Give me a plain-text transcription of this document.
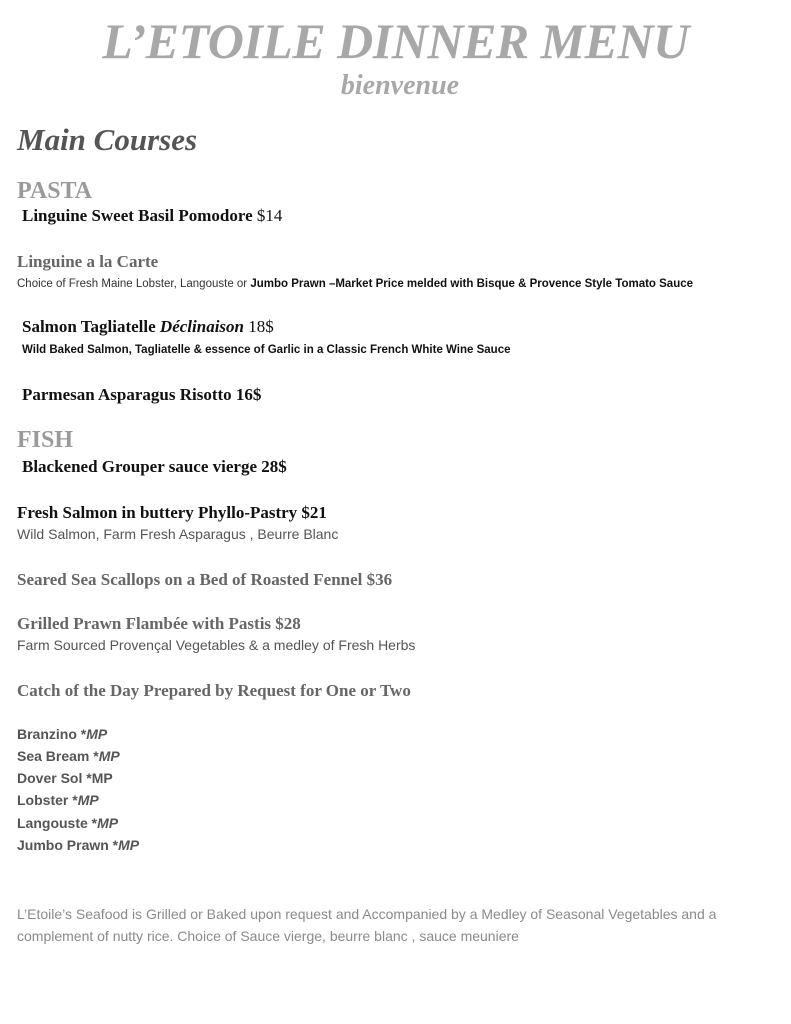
L’ETOILE DINNER MENU
bienvenue
Main Courses
PASTA
Linguine Sweet Basil Pomodore $14
Linguine a la Carte
Choice of Fresh Maine Lobster, Langouste or Jumbo Prawn –Market Price melded with Bisque & Provence Style Tomato Sauce
Salmon Tagliatelle Déclinaison 18$
Wild Baked Salmon, Tagliatelle & essence of Garlic in a Classic French White Wine Sauce
Parmesan Asparagus Risotto 16$
FISH
Blackened Grouper sauce vierge 28$
Fresh Salmon in buttery Phyllo-Pastry $21
Wild Salmon, Farm Fresh Asparagus , Beurre Blanc
Seared Sea Scallops on a Bed of Roasted Fennel $36
Grilled Prawn Flambée with Pastis $28
Farm Sourced Provençal Vegetables & a medley of Fresh Herbs
Catch of the Day Prepared by Request for One or Two
Branzino *MP
Sea Bream *MP
Dover Sol *MP
Lobster *MP
Langouste *MP
Jumbo Prawn *MP
L’Etoile’s Seafood is Grilled or Baked upon request and Accompanied by a Medley of Seasonal Vegetables and a complement of nutty rice. Choice of Sauce vierge, beurre blanc , sauce meuniere
